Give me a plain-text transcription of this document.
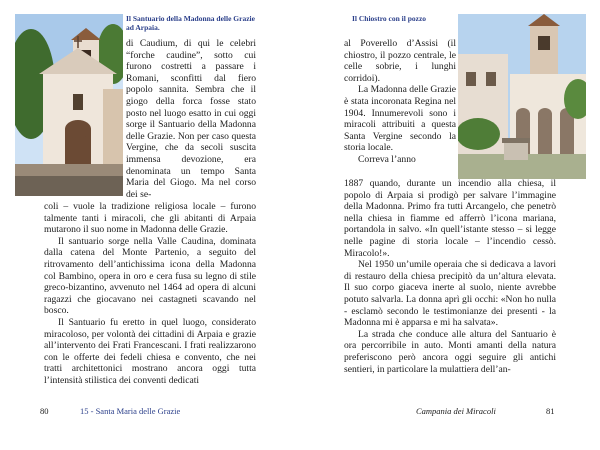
Il Santuario della Madonna delle Grazie ad Arpaia.

di Caudium, di qui le celebri “forche caudine”, sotto cui furono costretti a passare i Romani, sconfitti dal fiero popolo sannita. Sembra che il giogo della forca fosse stato posto nel luogo esatto in cui oggi sorge il Santuario della Madonna delle Grazie. Non per caso questa Vergine, che da secoli suscita immensa devozione, era denominata un tempo Santa Maria del Giogo. Ma nel corso dei se-

coli – vuole la tradizione religiosa locale – furono talmente tanti i miracoli, che gli abitanti di Arpaia mutarono il suo nome in Madonna delle Grazie.

Il santuario sorge nella Valle Caudina, dominata dalla catena del Monte Partenio, a seguito del ritrovamento dell’antichissima icona della Madonna col Bambino, opera in oro e cera fusa su legno di stile greco-bizantino, avvenuto nel 1464 ad opera di alcuni ragazzi che giocavano nei castagneti scavando nel bosco.

Il Santuario fu eretto in quel luogo, considerato miracoloso, per volontà dei cittadini di Arpaia e grazie all’intervento dei Frati Francescani. I frati realizzarono con le offerte dei fedeli chiesa e convento, che nei tratti architettonici mostrano ancora oggi tutta l’intensità stilistica dei conventi dedicati

80	15 - Santa Maria delle Grazie
Il Chiostro con il pozzo

al Poverello d’Assisi (il chiostro, il pozzo centrale, le celle sobrie, i lunghi corridoi).

La Madonna delle Grazie è stata incoronata Regina nel 1904. Innumerevoli sono i miracoli attribuiti a questa Santa Vergine secondo la storia locale.

Correva l’anno

1887 quando, durante un incendio alla chiesa, il popolo di Arpaia si prodigò per salvare l’immagine della Madonna. Primo fra tutti Arcangelo, che penetrò nella chiesa in fiamme ed afferrò l’icona mariana, portandola in salvo. «In quell’istante stesso – si legge nelle pagine di storia locale – l’incendio cessò. Miracolo!».

Nel 1950 un’umile operaia che si dedicava a lavori di restauro della chiesa precipitò da un’altura elevata. Il suo corpo giaceva inerte al suolo, niente avrebbe potuto salvarla. La donna aprì gli occhi: «Non ho nulla - esclamò secondo le testimonianze dei presenti - la Madonna mi è apparsa e mi ha salvata».

La strada che conduce alle altura del Santuario è ora percorribile in auto. Monti amanti della natura preferiscono però ancora oggi seguire gli antichi sentieri, in particolare la mulattiera dell’an-

Campania dei Miracoli	81
